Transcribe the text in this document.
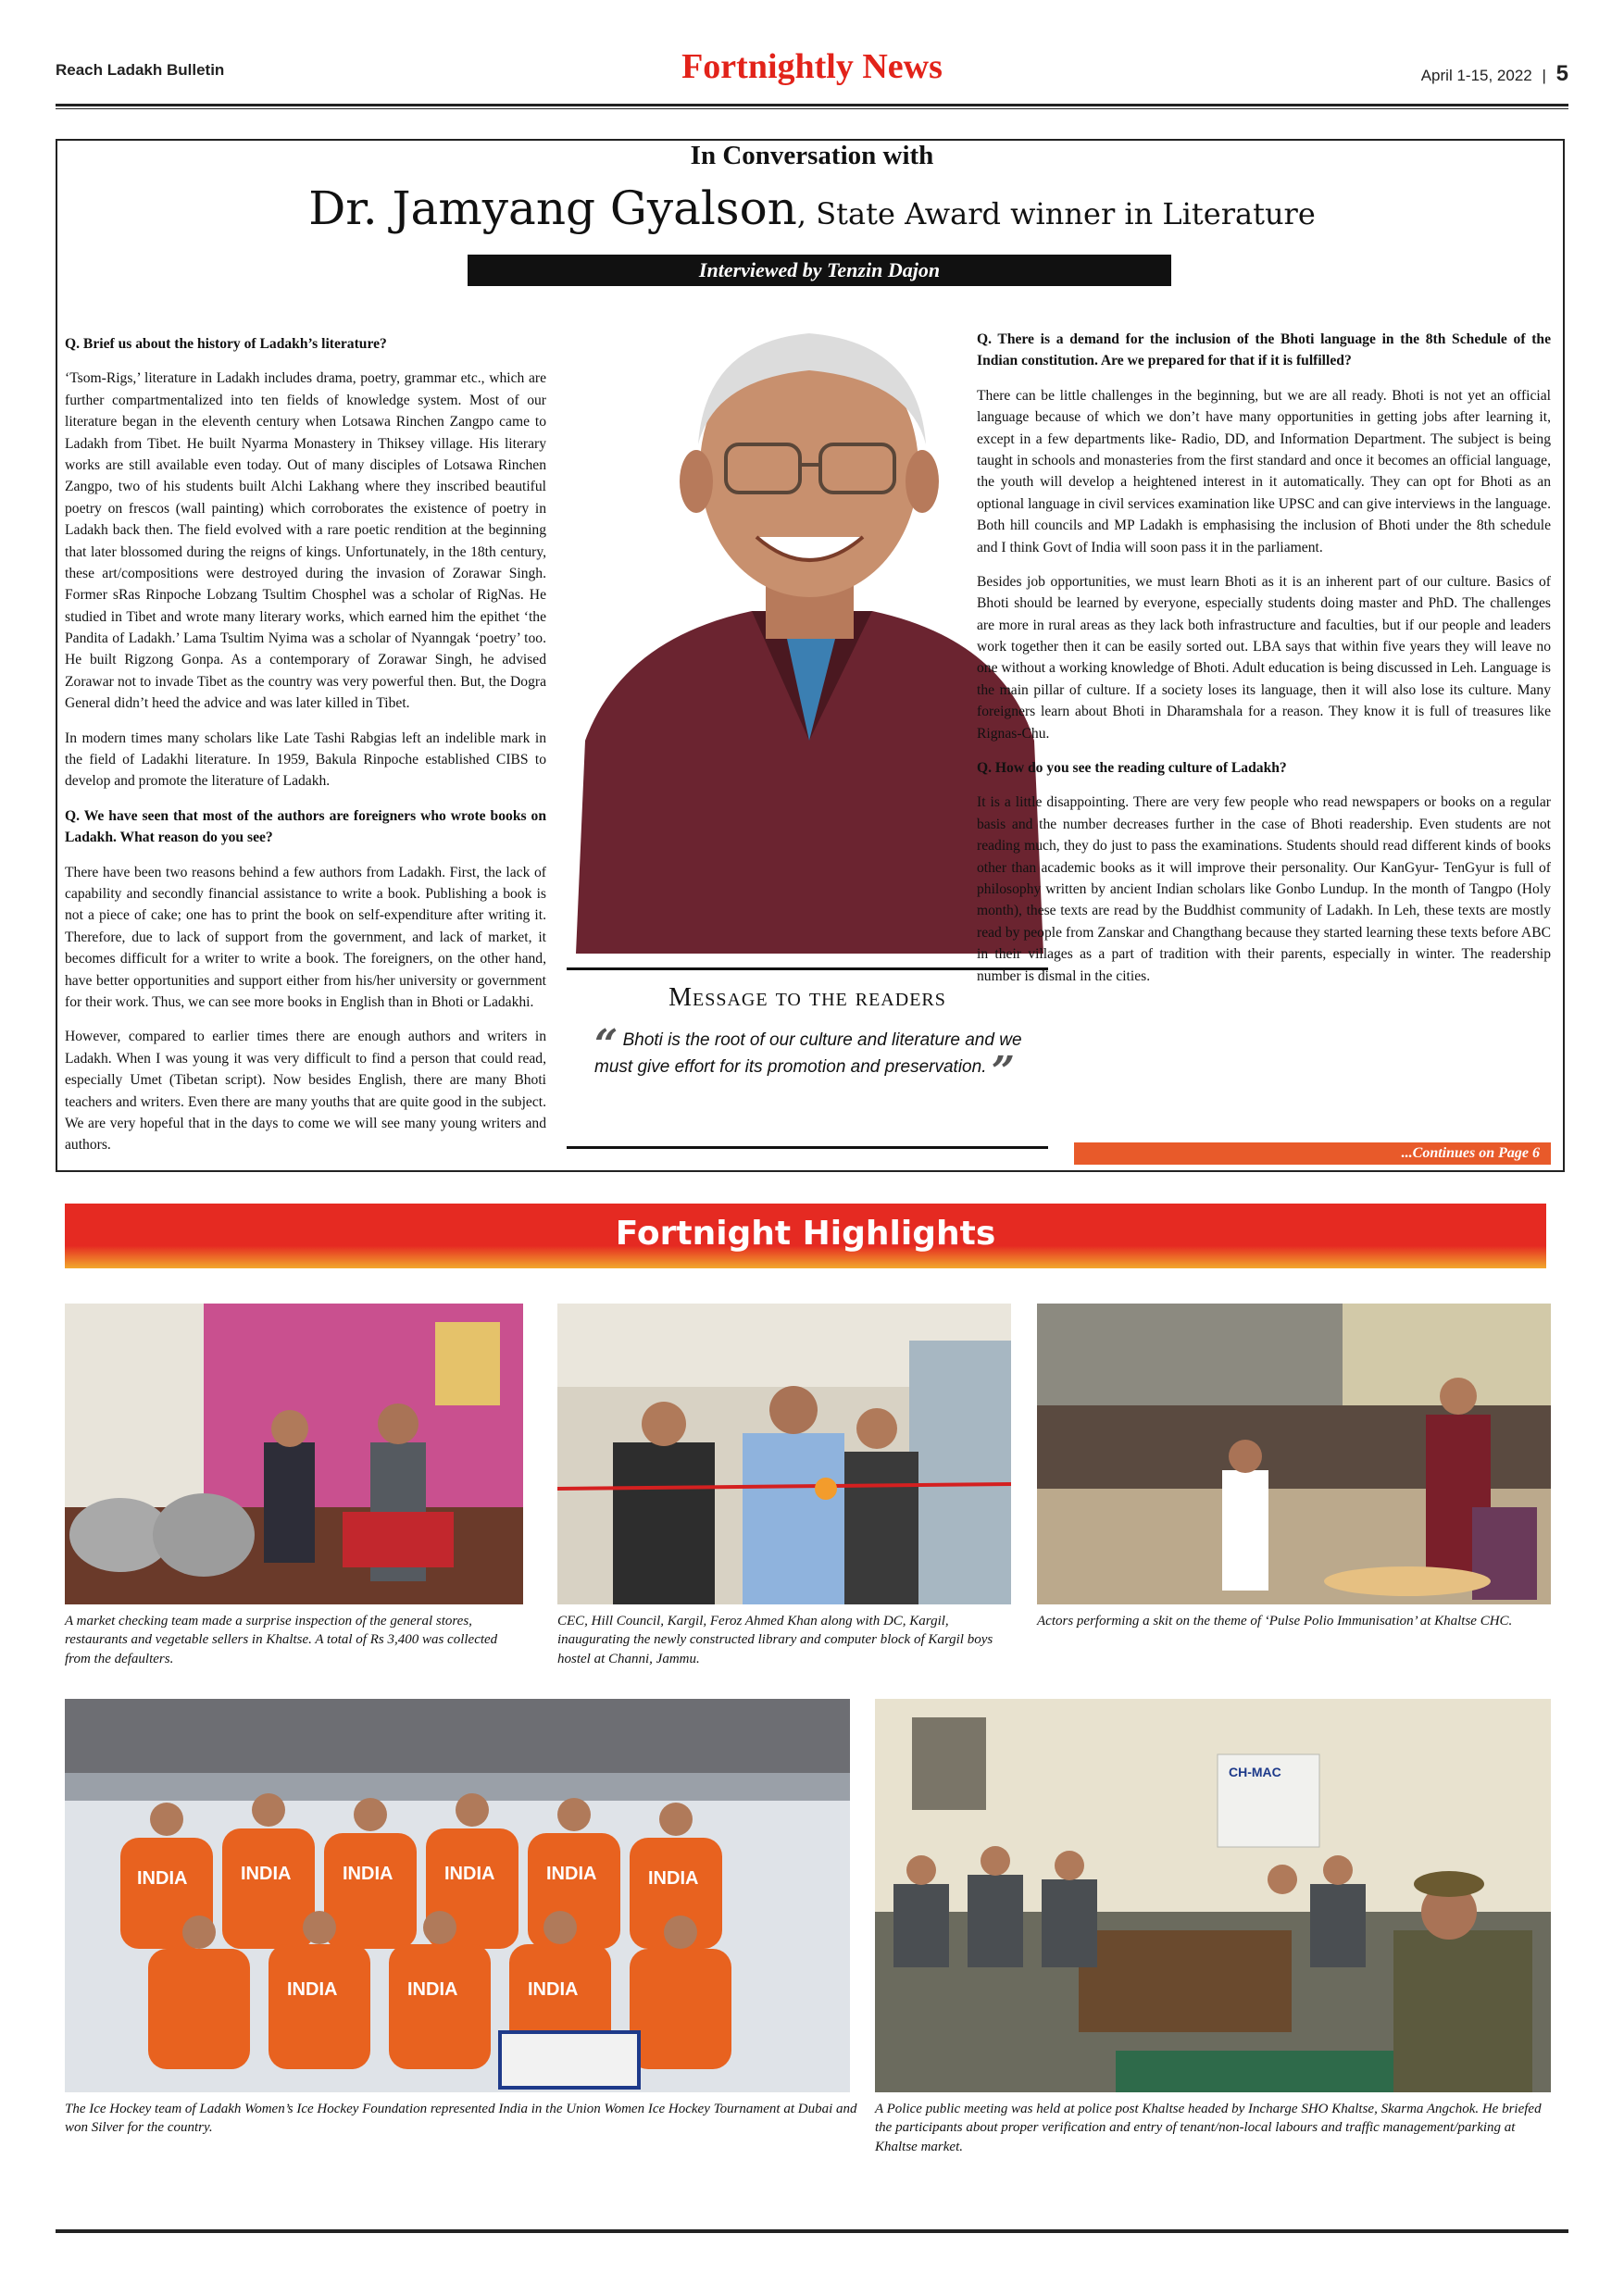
Reach Ladakh Bulletin	Fortnightly News	April 1-15, 2022 | 5
In Conversation with
Dr. Jamyang Gyalson, State Award winner in Literature
Interviewed by Tenzin Dajon

Q. Brief us about the history of Ladakh’s literature?

‘Tsom-Rigs,’ literature in Ladakh includes drama, poetry, grammar etc., which are further compartmentalized into ten fields of knowledge system. Most of our literature began in the eleventh century when Lotsawa Rinchen Zangpo came to Ladakh from Tibet. He built Nyarma Monastery in Thiksey village. His literary works are still available even today. Out of many disciples of Lotsawa Rinchen Zangpo, two of his students built Alchi Lakhang where they inscribed beautiful poetry on frescos (wall painting) which corroborates the existence of poetry in Ladakh back then. The field evolved with a rare poetic rendition at the beginning that later blossomed during the reigns of kings. Unfortunately, in the 18th century, these art/compositions were destroyed during the invasion of Zorawar Singh. Former sRas Rinpoche Lobzang Tsultim Chosphel was a scholar of RigNas. He studied in Tibet and wrote many literary works, which earned him the epithet ‘the Pandita of Ladakh.’ Lama Tsultim Nyima was a scholar of Nyanngak ‘poetry’ too. He built Rigzong Gonpa. As a contemporary of Zorawar Singh, he advised Zorawar not to invade Tibet as the country was very powerful then. But, the Dogra General didn’t heed the advice and was later killed in Tibet.

In modern times many scholars like Late Tashi Rabgias left an indelible mark in the field of Ladakhi literature. In 1959, Bakula Rinpoche established CIBS to develop and promote the literature of Ladakh.

Q. We have seen that most of the authors are foreigners who wrote books on Ladakh. What reason do you see?

There have been two reasons behind a few authors from Ladakh. First, the lack of capability and secondly financial assistance to write a book. Publishing a book is not a piece of cake; one has to print the book on self-expenditure after writing it. Therefore, due to lack of support from the government, and lack of market, it becomes difficult for a writer to write a book. The foreigners, on the other hand, have better opportunities and support either from his/her university or government for their work. Thus, we can see more books in English than in Bhoti or Ladakhi.

However, compared to earlier times there are enough authors and writers in Ladakh. When I was young it was very difficult to find a person that could read, especially Umet (Tibetan script). Now besides English, there are many Bhoti teachers and writers. Even there are many youths that are quite good in the subject. We are very hopeful that in the days to come we will see many young writers and authors.

Message to the readers
“ Bhoti is the root of our culture and literature and we must give effort for its promotion and preservation. ”

Q. There is a demand for the inclusion of the Bhoti language in the 8th Schedule of the Indian constitution. Are we prepared for that if it is fulfilled?

There can be little challenges in the beginning, but we are all ready. Bhoti is not yet an official language because of which we don’t have many opportunities in getting jobs after learning it, except in a few departments like- Radio, DD, and Information Department. The subject is being taught in schools and monasteries from the first standard and once it becomes an official language, the youth will develop a heightened interest in it automatically. They can opt for Bhoti as an optional language in civil services examination like UPSC and can give interviews in the language. Both hill councils and MP Ladakh is emphasising the inclusion of Bhoti under the 8th schedule and I think Govt of India will soon pass it in the parliament.

Besides job opportunities, we must learn Bhoti as it is an inherent part of our culture. Basics of Bhoti should be learned by everyone, especially students doing master and PhD. The challenges are more in rural areas as they lack both infrastructure and faculties, but if our people and leaders work together then it can be easily sorted out. LBA says that within five years they will leave no one without a working knowledge of Bhoti. Adult education is being discussed in Leh. Language is the main pillar of culture. If a society loses its language, then it will also lose its culture. Many foreigners learn about Bhoti in Dharamshala for a reason. They know it is full of treasures like Rignas-Chu.

Q. How do you see the reading culture of Ladakh?

It is a little disappointing. There are very few people who read newspapers or books on a regular basis and the number decreases further in the case of Bhoti readership. Even students are not reading much, they do just to pass the examinations. Students should read different kinds of books other than academic books as it will improve their personality. Our KanGyur- TenGyur is full of philosophy written by ancient Indian scholars like Gonbo Lundup. In the month of Tangpo (Holy month), these texts are read by the Buddhist community of Ladakh. In Leh, these texts are mostly read by people from Zanskar and Changthang because they started learning these texts before ABC in their villages as a part of tradition with their parents, especially in winter. The readership number is dismal in the cities.

...Continues on Page 6
Fortnight Highlights
A market checking team made a surprise inspection of the general stores, restaurants and vegetable sellers in Khaltse. A total of Rs 3,400 was collected from the defaulters.
CEC, Hill Council, Kargil, Feroz Ahmed Khan along with DC, Kargil, inaugurating the newly constructed library and computer block of Kargil boys hostel at Channi, Jammu.
Actors performing a skit on the theme of ‘Pulse Polio Immunisation’ at Khaltse CHC.
INDIA	INDIA	INDIA	INDIA	INDIA	INDIA
INDIA	INDIA	INDIA
The Ice Hockey team of Ladakh Women’s Ice Hockey Foundation represented India in the Union Women Ice Hockey Tournament at Dubai and won Silver for the country.
CH-MAC
A Police public meeting was held at police post Khaltse headed by Incharge SHO Khaltse, Skarma Angchok. He briefed the participants about proper verification and entry of tenant/non-local labours and traffic management/parking at Khaltse market.
